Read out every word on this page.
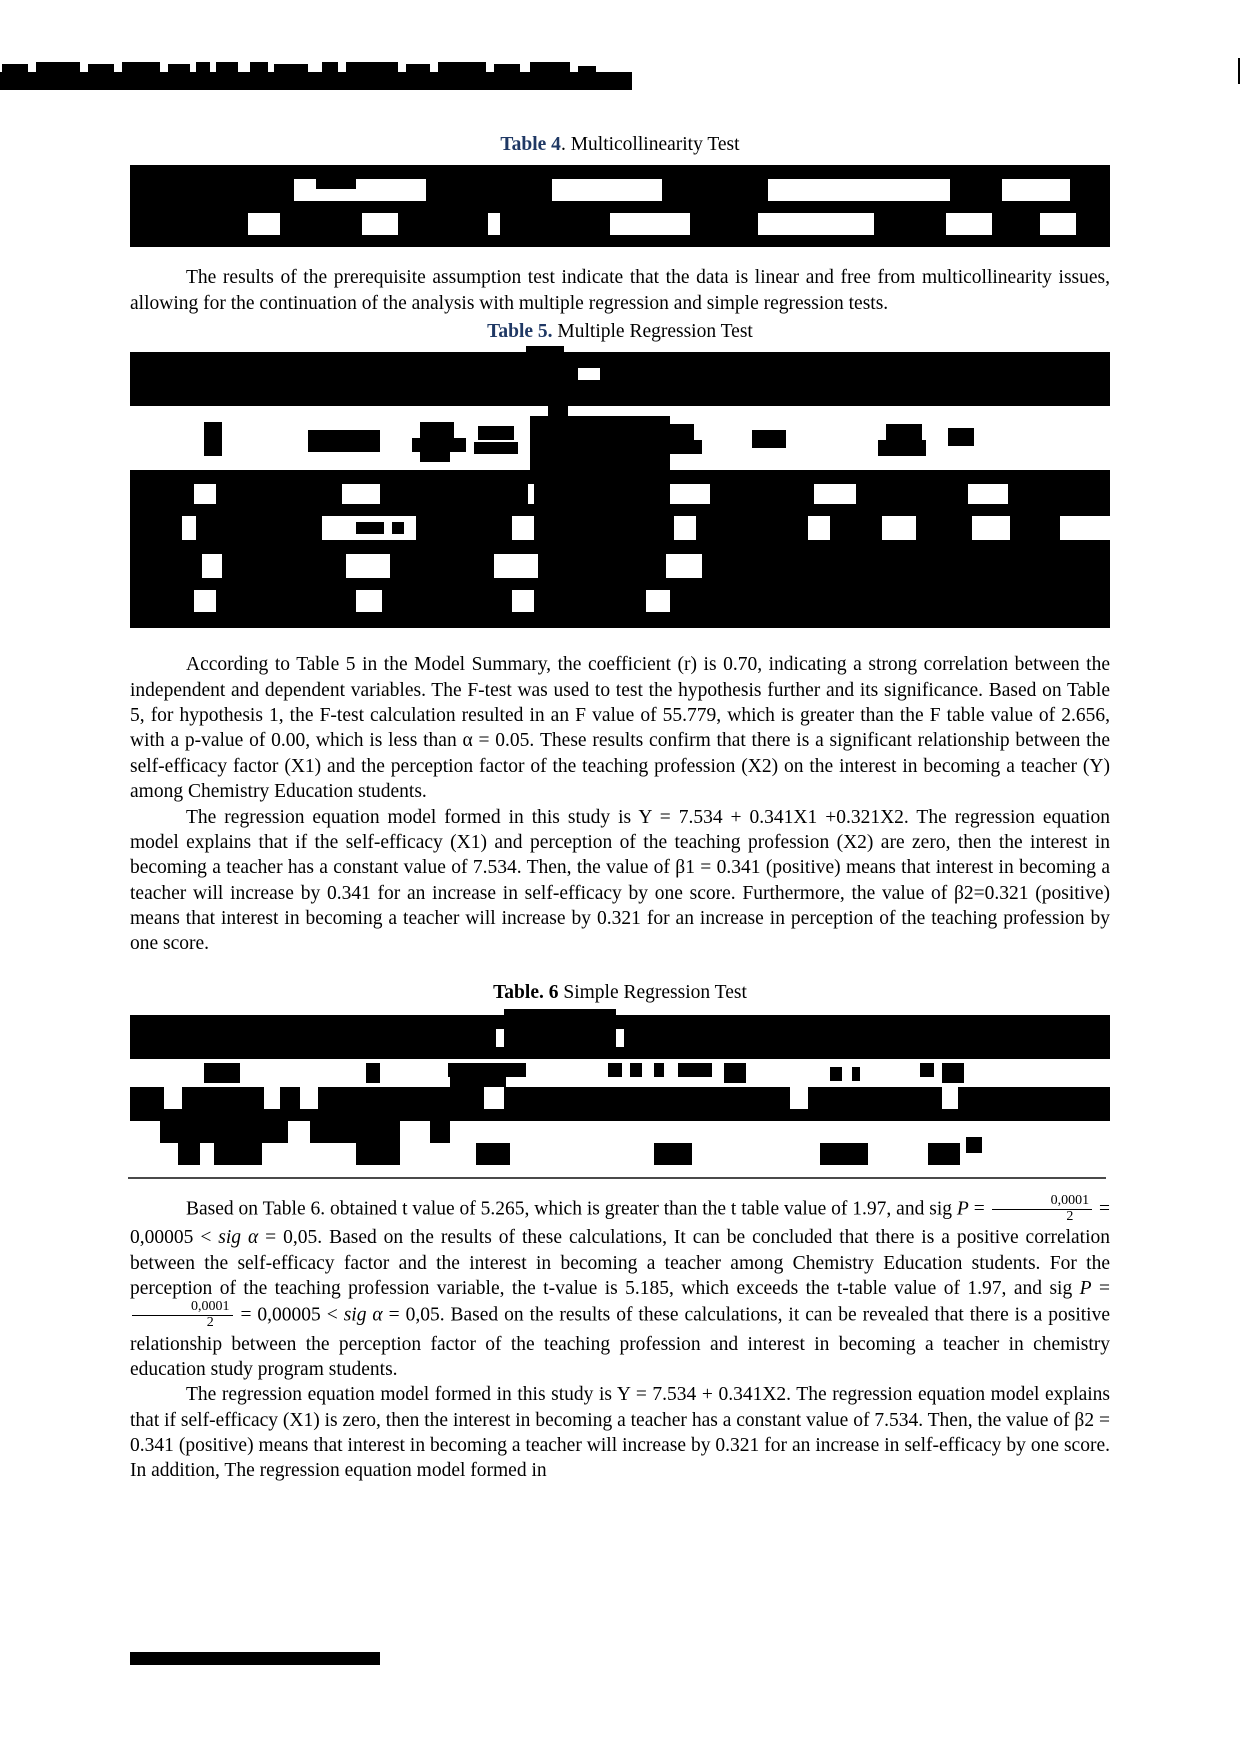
Table 4. Multicollinearity Test

The results of the prerequisite assumption test indicate that the data is linear and free from multicollinearity issues, allowing for the continuation of the analysis with multiple regression and simple regression tests.

Table 5. Multiple Regression Test

According to Table 5 in the Model Summary, the coefficient (r) is 0.70, indicating a strong correlation between the independent and dependent variables. The F-test was used to test the hypothesis further and its significance. Based on Table 5, for hypothesis 1, the F-test calculation resulted in an F value of 55.779, which is greater than the F table value of 2.656, with a p-value of 0.00, which is less than α = 0.05. These results confirm that there is a significant relationship between the self-efficacy factor (X1) and the perception factor of the teaching profession (X2) on the interest in becoming a teacher (Y) among Chemistry Education students.

The regression equation model formed in this study is Y = 7.534 + 0.341X1 +0.321X2. The regression equation model explains that if the self-efficacy (X1) and perception of the teaching profession (X2) are zero, then the interest in becoming a teacher has a constant value of 7.534. Then, the value of β1 = 0.341 (positive) means that interest in becoming a teacher will increase by 0.341 for an increase in self-efficacy by one score. Furthermore, the value of β2=0.321 (positive) means that interest in becoming a teacher will increase by 0.321 for an increase in perception of the teaching profession by one score.

Table. 6 Simple Regression Test

Based on Table 6. obtained t value of 5.265, which is greater than the t table value of 1.97, and sig $P = \frac{0,0001}{2} = 0,00005$ < sig α = 0,05. Based on the results of these calculations, It can be concluded that there is a positive correlation between the self-efficacy factor and the interest in becoming a teacher among Chemistry Education students. For the perception of the teaching profession variable, the t-value is 5.185, which exceeds the t-table value of 1.97, and sig P =
$\frac{0,0001}{2} = 0,00005$ < sig α = 0,05. Based on the results of these calculations, it can be revealed that there is a positive relationship between the perception factor of the teaching profession and interest in becoming a teacher in chemistry education study program students.

The regression equation model formed in this study is Y = 7.534 + 0.341X2. The regression equation model explains that if self-efficacy (X1) is zero, then the interest in becoming a teacher has a constant value of 7.534. Then, the value of β2 = 0.341 (positive) means that interest in becoming a teacher will increase by 0.321 for an increase in self-efficacy by one score. In addition, The regression equation model formed in
